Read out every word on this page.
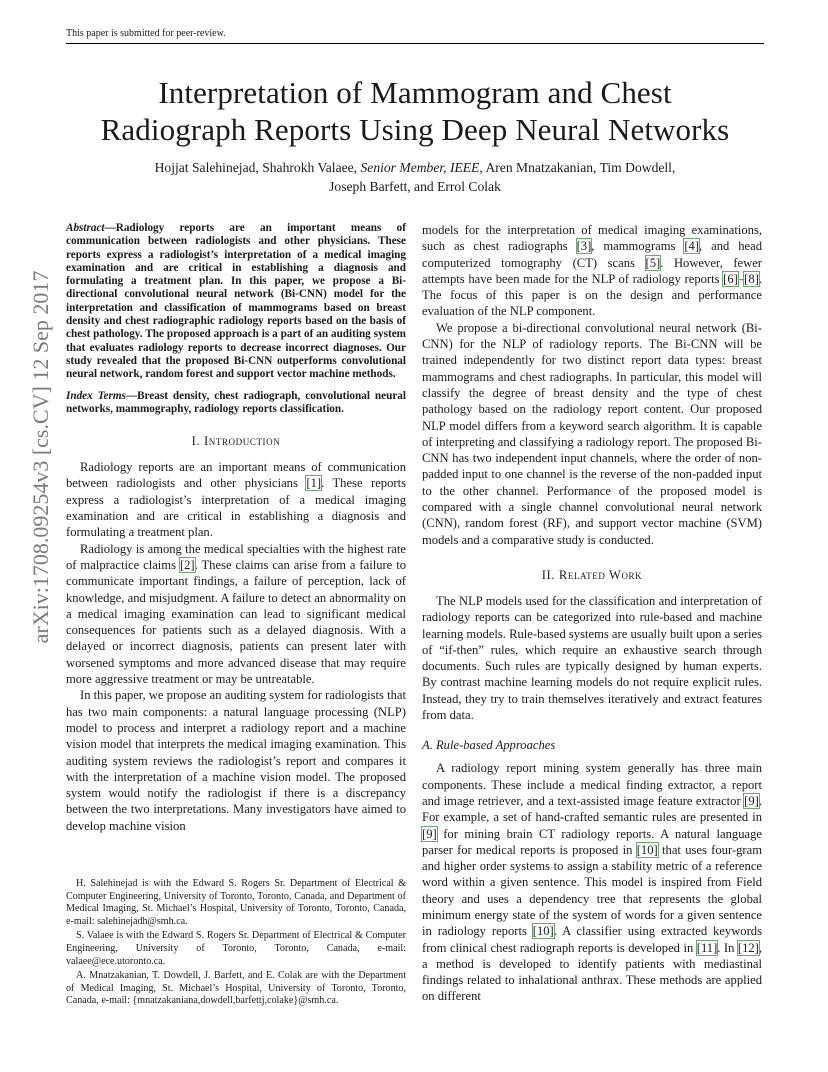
This paper is submitted for peer-review.
arXiv:1708.09254v3 [cs.CV] 12 Sep 2017
Interpretation of Mammogram and Chest
Radiograph Reports Using Deep Neural Networks
Hojjat Salehinejad, Shahrokh Valaee, Senior Member, IEEE, Aren Mnatzakanian, Tim Dowdell,
Joseph Barfett, and Errol Colak

Abstract—Radiology reports are an important means of communication between radiologists and other physicians. These reports express a radiologist’s interpretation of a medical imaging examination and are critical in establishing a diagnosis and formulating a treatment plan. In this paper, we propose a Bi-directional convolutional neural network (Bi-CNN) model for the interpretation and classification of mammograms based on breast density and chest radiographic radiology reports based on the basis of chest pathology. The proposed approach is a part of an auditing system that evaluates radiology reports to decrease incorrect diagnoses. Our study revealed that the proposed Bi-CNN outperforms convolutional neural network, random forest and support vector machine methods.

Index Terms—Breast density, chest radiograph, convolutional neural networks, mammography, radiology reports classification.

I. Introduction

Radiology reports are an important means of communication between radiologists and other physicians [1]. These reports express a radiologist’s interpretation of a medical imaging examination and are critical in establishing a diagnosis and formulating a treatment plan.

Radiology is among the medical specialties with the highest rate of malpractice claims [2]. These claims can arise from a failure to communicate important findings, a failure of perception, lack of knowledge, and misjudgment. A failure to detect an abnormality on a medical imaging examination can lead to significant medical consequences for patients such as a delayed diagnosis. With a delayed or incorrect diagnosis, patients can present later with worsened symptoms and more advanced disease that may require more aggressive treatment or may be untreatable.

In this paper, we propose an auditing system for radiologists that has two main components: a natural language processing (NLP) model to process and interpret a radiology report and a machine vision model that interprets the medical imaging examination. This auditing system reviews the radiologist’s report and compares it with the interpretation of a machine vision model. The proposed system would notify the radiologist if there is a discrepancy between the two interpretations. Many investigators have aimed to develop machine vision

H. Salehinejad is with the Edward S. Rogers Sr. Department of Electrical & Computer Engineering, University of Toronto, Toronto, Canada, and Department of Medical Imaging, St. Michael’s Hospital, University of Toronto, Toronto, Canada, e-mail: salehinejadh@smh.ca.

S. Valaee is with the Edward S. Rogers Sr. Department of Electrical & Computer Engineering, University of Toronto, Toronto, Canada, e-mail: valaee@ece.utoronto.ca.

A. Mnatzakanian, T. Dowdell, J. Barfett, and E. Colak are with the Department of Medical Imaging, St. Michael’s Hospital, University of Toronto, Toronto, Canada, e-mail: {mnatzakaniana,dowdell,barfettj,colake}@smh.ca.

models for the interpretation of medical imaging examinations, such as chest radiographs [3], mammograms [4], and head computerized tomography (CT) scans [5]. However, fewer attempts have been made for the NLP of radiology reports [6]–[8]. The focus of this paper is on the design and performance evaluation of the NLP component.

We propose a bi-directional convolutional neural network (Bi-CNN) for the NLP of radiology reports. The Bi-CNN will be trained independently for two distinct report data types: breast mammograms and chest radiographs. In particular, this model will classify the degree of breast density and the type of chest pathology based on the radiology report content. Our proposed NLP model differs from a keyword search algorithm. It is capable of interpreting and classifying a radiology report. The proposed Bi-CNN has two independent input channels, where the order of non-padded input to one channel is the reverse of the non-padded input to the other channel. Performance of the proposed model is compared with a single channel convolutional neural network (CNN), random forest (RF), and support vector machine (SVM) models and a comparative study is conducted.

II. Related Work

The NLP models used for the classification and interpretation of radiology reports can be categorized into rule-based and machine learning models. Rule-based systems are usually built upon a series of “if-then” rules, which require an exhaustive search through documents. Such rules are typically designed by human experts. By contrast machine learning models do not require explicit rules. Instead, they try to train themselves iteratively and extract features from data.

A. Rule-based Approaches

A radiology report mining system generally has three main components. These include a medical finding extractor, a report and image retriever, and a text-assisted image feature extractor [9]. For example, a set of hand-crafted semantic rules are presented in [9] for mining brain CT radiology reports. A natural language parser for medical reports is proposed in [10] that uses four-gram and higher order systems to assign a stability metric of a reference word within a given sentence. This model is inspired from Field theory and uses a dependency tree that represents the global minimum energy state of the system of words for a given sentence in radiology reports [10]. A classifier using extracted keywords from clinical chest radiograph reports is developed in [11]. In [12], a method is developed to identify patients with mediastinal findings related to inhalational anthrax. These methods are applied on different
